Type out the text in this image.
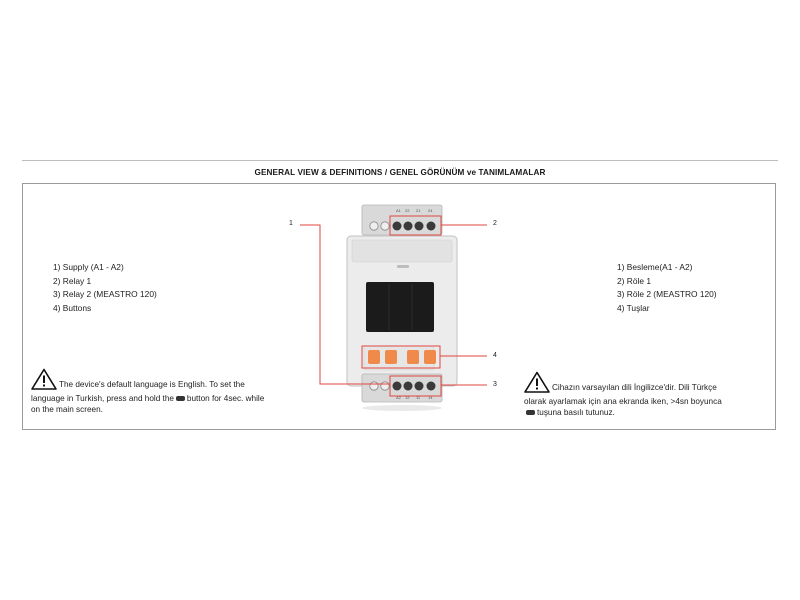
GENERAL VIEW & DEFINITIONS / GENEL GÖRÜNÜM ve TANIMLAMALAR
A1 22 21 24
A2 12 11 14
1	2
3
4
1) Supply (A1 - A2)
2) Relay 1
3) Relay 2 (MEASTRO 120)
4) Buttons
1) Besleme(A1 - A2)
2) Röle 1
3) Röle 2 (MEASTRO 120)
4) Tuşlar
The device's default language is English. To set the language in Turkish, press and hold the button for 4sec. while on the main screen.
Cihazın varsayılan dili İngilizce'dir. Dili Türkçe olarak ayarlamak için ana ekranda iken, >4sn boyuncatuşuna basılı tutunuz.
